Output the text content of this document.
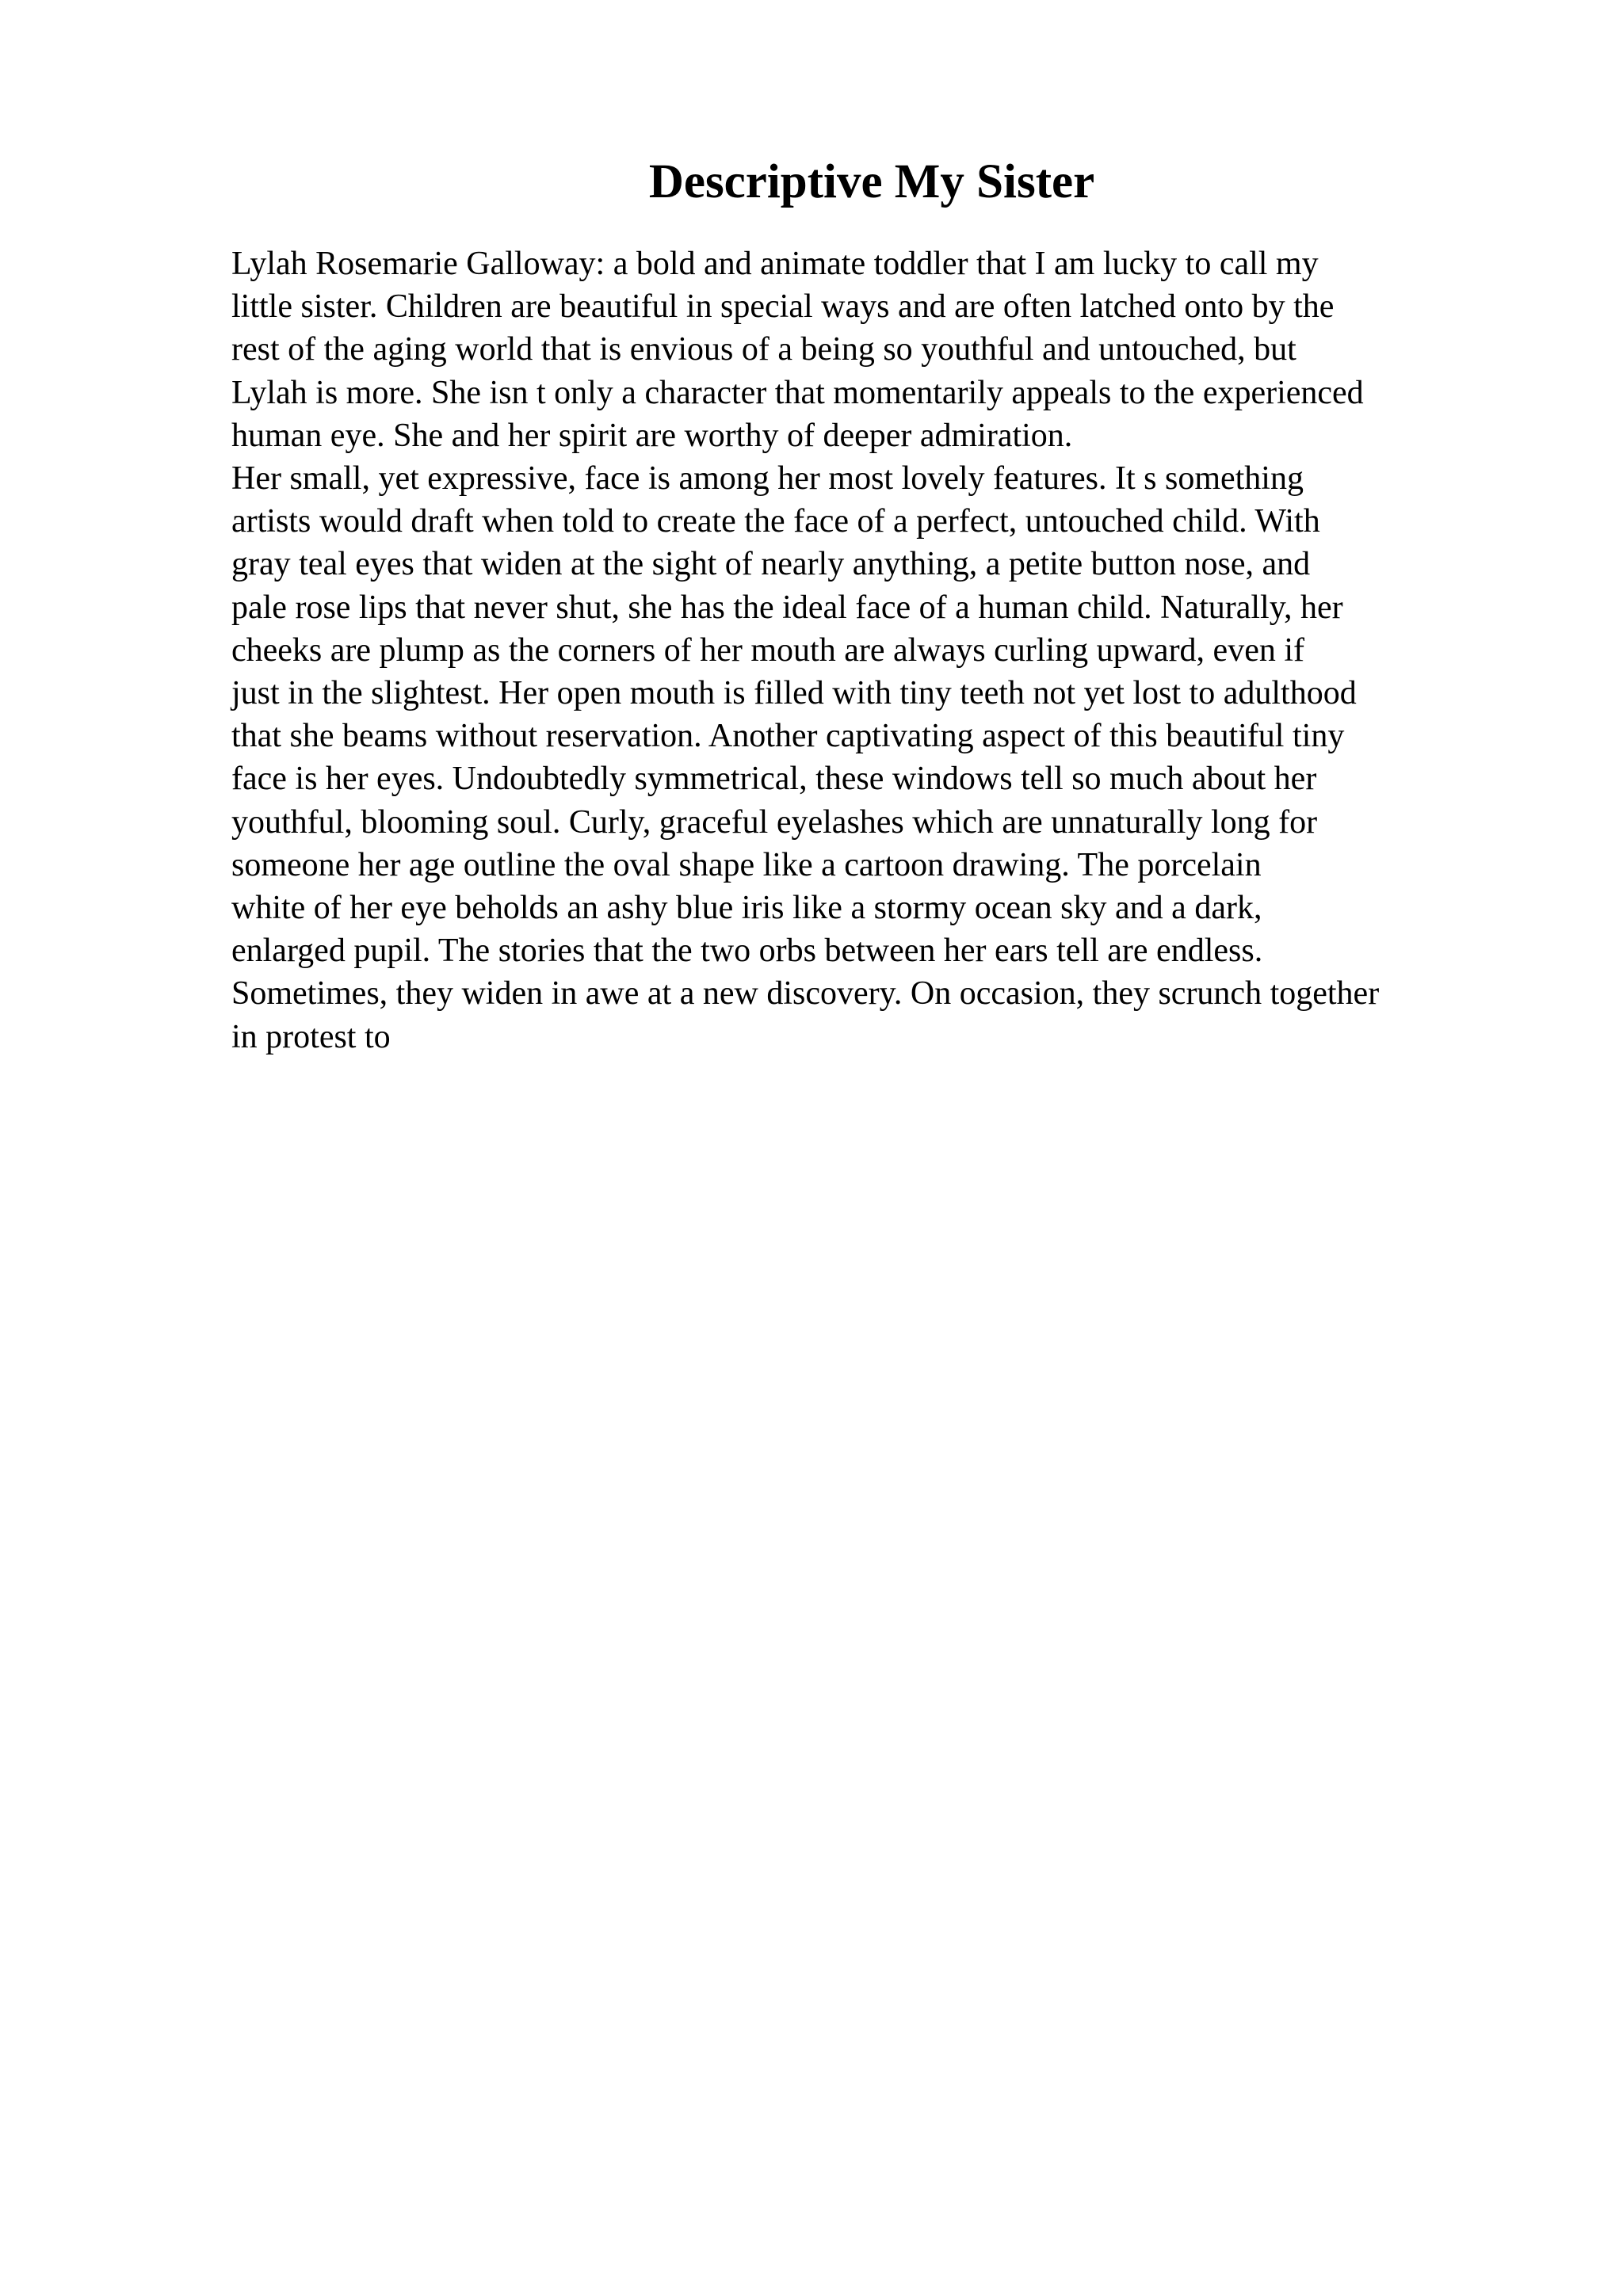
Descriptive My Sister
Lylah Rosemarie Galloway: a bold and animate toddler that I am lucky to call my
little sister. Children are beautiful in special ways and are often latched onto by the
rest of the aging world that is envious of a being so youthful and untouched, but
Lylah is more. She isn t only a character that momentarily appeals to the experienced
human eye. She and her spirit are worthy of deeper admiration.
Her small, yet expressive, face is among her most lovely features. It s something
artists would draft when told to create the face of a perfect, untouched child. With
gray teal eyes that widen at the sight of nearly anything, a petite button nose, and
pale rose lips that never shut, she has the ideal face of a human child. Naturally, her
cheeks are plump as the corners of her mouth are always curling upward, even if
just in the slightest. Her open mouth is filled with tiny teeth not yet lost to adulthood
that she beams without reservation. Another captivating aspect of this beautiful tiny
face is her eyes. Undoubtedly symmetrical, these windows tell so much about her
youthful, blooming soul. Curly, graceful eyelashes which are unnaturally long for
someone her age outline the oval shape like a cartoon drawing. The porcelain
white of her eye beholds an ashy blue iris like a stormy ocean sky and a dark,
enlarged pupil. The stories that the two orbs between her ears tell are endless.
Sometimes, they widen in awe at a new discovery. On occasion, they scrunch together
in protest to
